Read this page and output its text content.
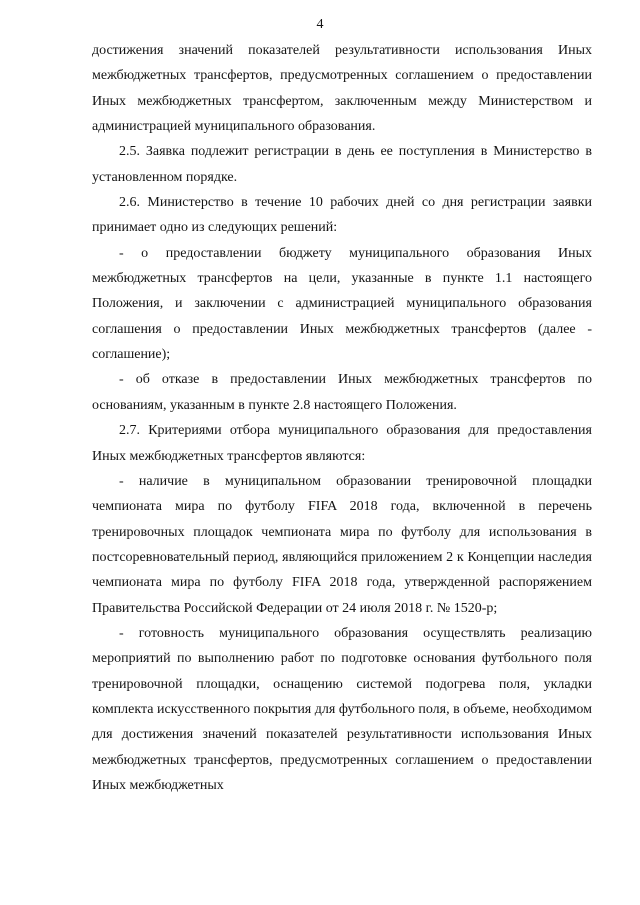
4

достижения значений показателей результативности использования Иных межбюджетных трансфертов, предусмотренных соглашением о предоставлении Иных межбюджетных трансфертом, заключенным между Министерством и администрацией муниципального образования.

2.5. Заявка подлежит регистрации в день ее поступления в Министерство в установленном порядке.

2.6. Министерство в течение 10 рабочих дней со дня регистрации заявки принимает одно из следующих решений:

- о предоставлении бюджету муниципального образования Иных межбюджетных трансфертов на цели, указанные в пункте 1.1 настоящего Положения, и заключении с администрацией муниципального образования соглашения о предоставлении Иных межбюджетных трансфертов (далее - соглашение);

- об отказе в предоставлении Иных межбюджетных трансфертов по основаниям, указанным в пункте 2.8 настоящего Положения.

2.7. Критериями отбора муниципального образования для предоставления Иных межбюджетных трансфертов являются:

- наличие в муниципальном образовании тренировочной площадки чемпионата мира по футболу FIFA 2018 года, включенной в перечень тренировочных площадок чемпионата мира по футболу для использования в постсоревновательный период, являющийся приложением 2 к Концепции наследия чемпионата мира по футболу FIFA 2018 года, утвержденной распоряжением Правительства Российской Федерации от 24 июля 2018 г. № 1520-р;

- готовность муниципального образования осуществлять реализацию мероприятий по выполнению работ по подготовке основания футбольного поля тренировочной площадки, оснащению системой подогрева поля, укладки комплекта искусственного покрытия для футбольного поля, в объеме, необходимом для достижения значений показателей результативности использования Иных межбюджетных трансфертов, предусмотренных соглашением о предоставлении Иных межбюджетных
